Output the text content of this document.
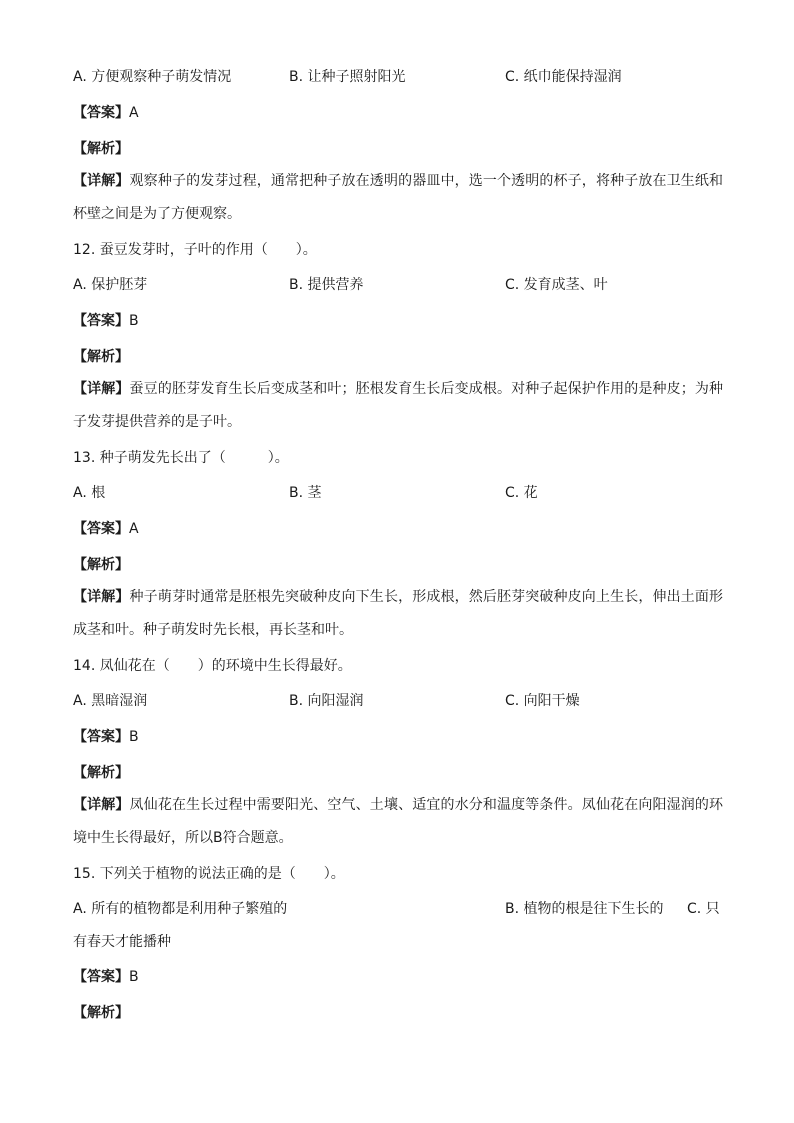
A. 方便观察种子萌发情况	B. 让种子照射阳光	C. 纸巾能保持湿润
【答案】A
【解析】
【详解】观察种子的发芽过程，通常把种子放在透明的器皿中，选一个透明的杯子，将种子放在卫生纸和杯壁之间是为了方便观察。
12. 蚕豆发芽时，子叶的作用（　　）。
A. 保护胚芽	B. 提供营养	C. 发育成茎、叶
【答案】B
【解析】
【详解】蚕豆的胚芽发育生长后变成茎和叶；胚根发育生长后变成根。对种子起保护作用的是种皮；为种子发芽提供营养的是子叶。
13. 种子萌发先长出了（　　　）。
A. 根	B. 茎	C. 花
【答案】A
【解析】
【详解】种子萌芽时通常是胚根先突破种皮向下生长，形成根，然后胚芽突破种皮向上生长，伸出土面形成茎和叶。种子萌发时先长根，再长茎和叶。
14. 凤仙花在（　　）的环境中生长得最好。
A. 黑暗湿润	B. 向阳湿润	C. 向阳干燥
【答案】B
【解析】
【详解】凤仙花在生长过程中需要阳光、空气、土壤、适宜的水分和温度等条件。凤仙花在向阳湿润的环境中生长得最好，所以B符合题意。
15. 下列关于植物的说法正确的是（　　）。
A. 所有的植物都是利用种子繁殖的	B. 植物的根是往下生长的 C. 只
有春天才能播种
【答案】B
【解析】
